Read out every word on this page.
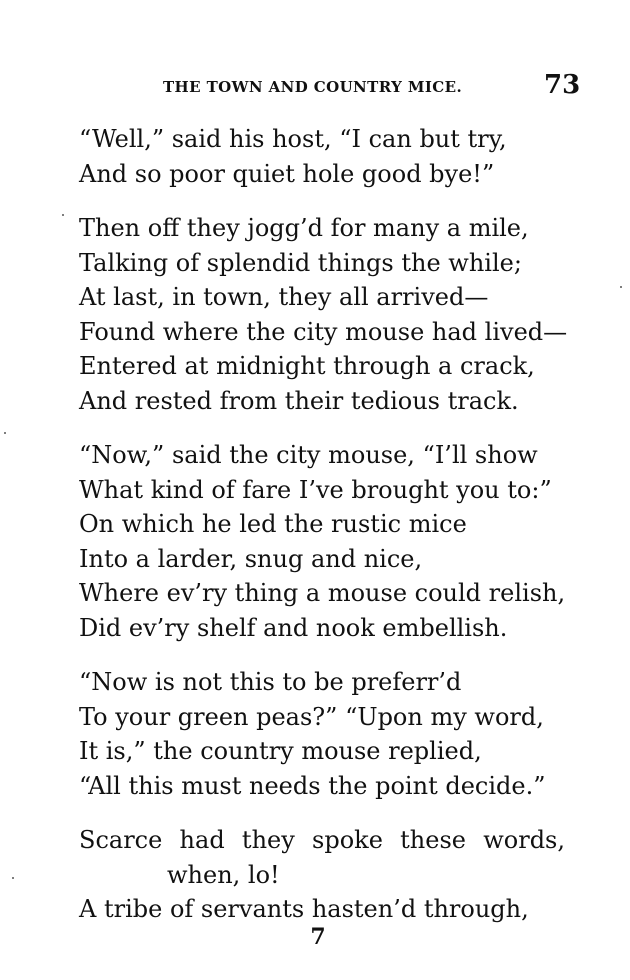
THE TOWN AND COUNTRY MICE.	73
“Well,” said his host, “I can but try,
And so poor quiet hole good bye!”
Then off they jogg’d for many a mile,
Talking of splendid things the while;
At last, in town, they all arrived—
Found where the city mouse had lived—
Entered at midnight through a crack,
And rested from their tedious track.
“Now,” said the city mouse, “I’ll show
What kind of fare I’ve brought you to:”
On which he led the rustic mice
Into a larder, snug and nice,
Where ev’ry thing a mouse could relish,
Did ev’ry shelf and nook embellish.
“Now is not this to be preferr’d
To your green peas?” “Upon my word,
It is,” the country mouse replied,
“All this must needs the point decide.”
Scarce had they spoke these words,
when, lo!
A tribe of servants hasten’d through,
7
